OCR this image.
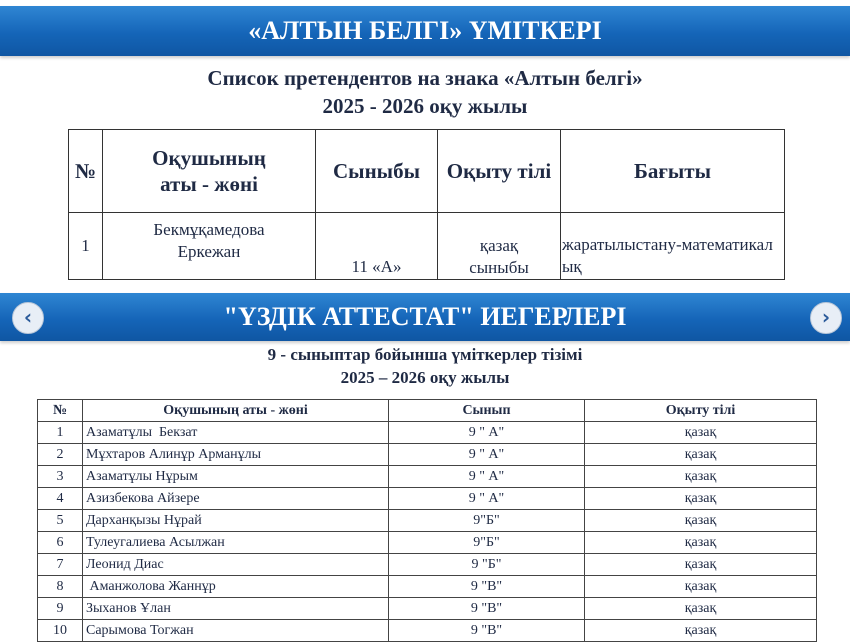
«АЛТЫН БЕЛГІ» ҮМІТКЕРІ
Список претендентов на знака «Алтын белгі»
2025 - 2026 оқу жылы
№	Оқушының аты - жөні	Сыныбы	Оқыту тілі	Бағыты
1	Бекмұқамедова Еркежан	11 «А»	қазақ сыныбы	жаратылыстану-математикалық
"ҮЗДІК АТТЕСТАТ" ИЕГЕРЛЕРІ
‹	›
9 - сыныптар бойынша үміткерлер тізімі
2025 – 2026 оқу жылы
№	Оқушының аты - жөні	Сынып	Оқыту тілі
1	Азаматұлы  Бекзат	9 " А"	қазақ
2	Мұхтаров Алинұр Арманұлы	9 " А"	қазақ
3	Азаматұлы Нұрым	9 " А"	қазақ
4	Азизбекова Айзере	9 " А"	қазақ
5	Дарханқызы Нұрай	9"Б"	қазақ
6	Тулеугалиева Асылжан	9"Б"	қазақ
7	Леонид Диас	9 "Б"	қазақ
8	Аманжолова Жаннұр	9 "В"	қазақ
9	Зыханов Ұлан	9 "В"	қазақ
10	Сарымова Тогжан	9 "В"	қазақ
